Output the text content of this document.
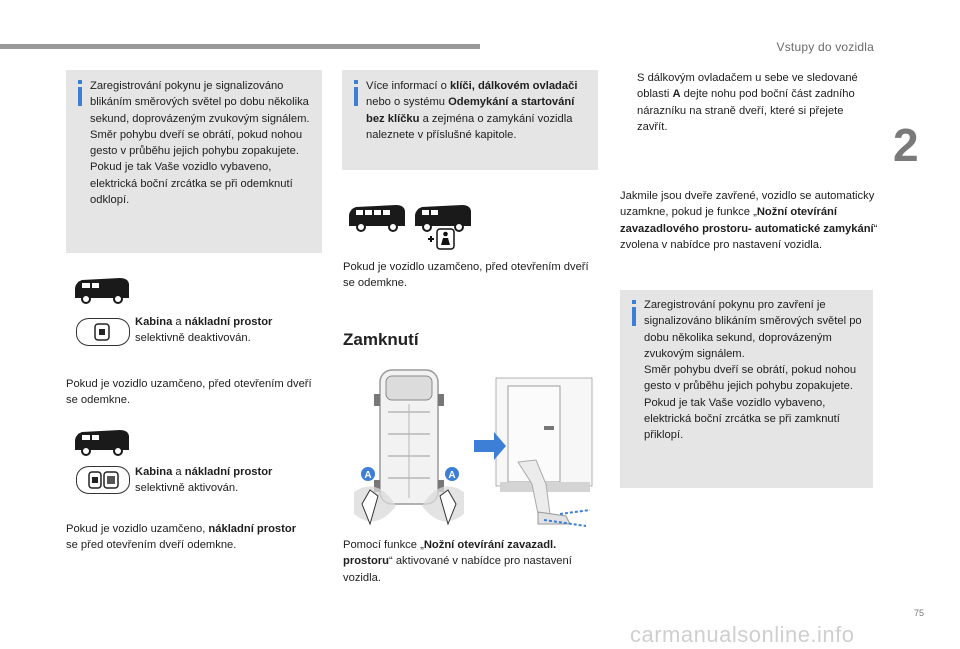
Vstupy do vozidla
2
75
carmanualsonline.info
Zaregistrování pokynu je signalizováno blikáním směrových světel po dobu několika sekund, doprovázeným zvukovým signálem.
Směr pohybu dveří se obrátí, pokud nohou gesto v průběhu jejich pohybu zopakujete.
Pokud je tak Vaše vozidlo vybaveno, elektrická boční zrcátka se při odemknutí odklopí.
Kabina a nákladní prostor
selektivně deaktivován.
Pokud je vozidlo uzamčeno, před otevřením dveří se odemkne.
Kabina a nákladní prostor
selektivně aktivován.
Pokud je vozidlo uzamčeno, nákladní prostor
se před otevřením dveří odemkne.
Více informací o klíči, dálkovém ovladači
nebo o systému Odemykání a startování bez klíčku a zejména o zamykání vozidla naleznete v příslušné kapitole.
Pokud je vozidlo uzamčeno, před otevřením dveří se odemkne.
Zamknutí
A	A
Pomocí funkce „Nožní otevírání zavazadl. prostoru“ aktivované v nabídce pro nastavení vozidla.
S dálkovým ovladačem u sebe ve sledované oblasti A dejte nohu pod boční část zadního nárazníku na straně dveří, které si přejete zavřít.
Jakmile jsou dveře zavřené, vozidlo se automaticky uzamkne, pokud je funkce „Nožní otevírání zavazadlového prostoru- automatické zamykání“ zvolena v nabídce pro nastavení vozidla.
Zaregistrování pokynu pro zavření je signalizováno blikáním směrových světel po dobu několika sekund, doprovázeným zvukovým signálem.
Směr pohybu dveří se obrátí, pokud nohou gesto v průběhu jejich pohybu zopakujete.
Pokud je tak Vaše vozidlo vybaveno, elektrická boční zrcátka se při zamknutí přiklopí.
